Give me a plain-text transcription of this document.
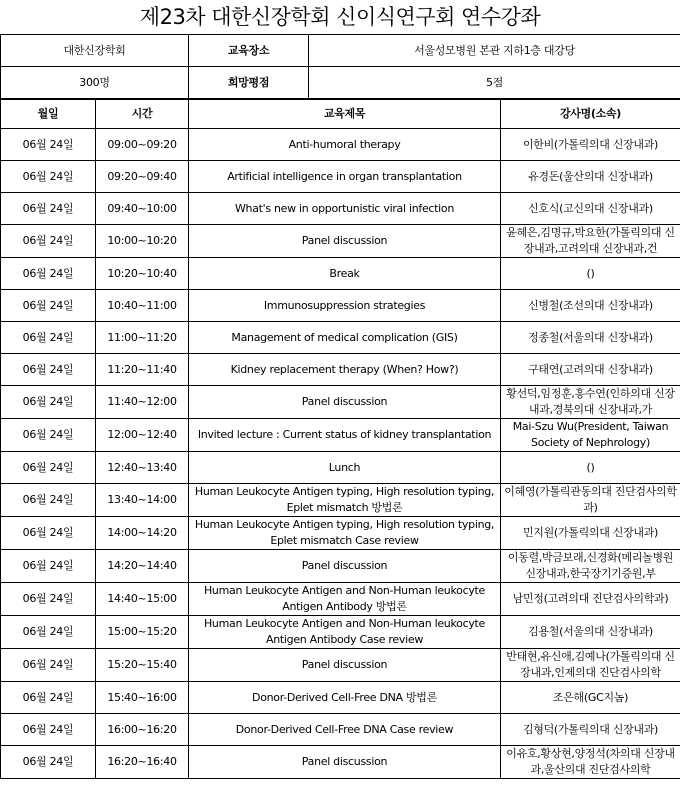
제23차 대한신장학회 신이식연구회 연수강좌
대한신장학회	교육장소	서울성모병원 본관 지하1층 대강당
300명	희망평점	5점
월일	시간	교육제목	강사명(소속)
06월 24일	09:00~09:20	Anti-humoral therapy	이한비(가톨릭의대 신장내과)
06월 24일	09:20~09:40	Artificial intelligence in organ transplantation	유경돈(울산의대 신장내과)
06월 24일	09:40~10:00	What's new in opportunistic viral infection	신호식(고신의대 신장내과)
06월 24일	10:00~10:20	Panel discussion	윤혜은,김명규,박요한(가톨릭의대 신장내과,고려의대 신장내과,건
06월 24일	10:20~10:40	Break	()
06월 24일	10:40~11:00	Immunosuppression strategies	신병철(조선의대 신장내과)
06월 24일	11:00~11:20	Management of medical complication (GIS)	정종철(서울의대 신장내과)
06월 24일	11:20~11:40	Kidney replacement therapy (When? How?)	구태연(고려의대 신장내과)
06월 24일	11:40~12:00	Panel discussion	황선덕,임정훈,홍수연(인하의대 신장내과,경북의대 신장내과,가
06월 24일	12:00~12:40	Invited lecture : Current status of kidney transplantation	Mai-Szu Wu(President, Taiwan Society of Nephrology)
06월 24일	12:40~13:40	Lunch	()
06월 24일	13:40~14:00	Human Leukocyte Antigen typing, High resolution typing, Eplet mismatch 방법론	이혜영(가톨릭관동의대 진단검사의학과)
06월 24일	14:00~14:20	Human Leukocyte Antigen typing, High resolution typing, Eplet mismatch Case review	민지원(가톨릭의대 신장내과)
06월 24일	14:20~14:40	Panel discussion	이동렬,박금보래,신경화(메리놀병원 신장내과,한국장기기증원,부
06월 24일	14:40~15:00	Human Leukocyte Antigen and Non-Human leukocyte Antigen Antibody 방법론	남민정(고려의대 진단검사의학과)
06월 24일	15:00~15:20	Human Leukocyte Antigen and Non-Human leukocyte Antigen Antibody Case review	김용철(서울의대 신장내과)
06월 24일	15:20~15:40	Panel discussion	반태현,유신애,김예나(가톨릭의대 신장내과,인제의대 진단검사의학
06월 24일	15:40~16:00	Donor-Derived Cell-Free DNA 방법론	조은해(GC지놈)
06월 24일	16:00~16:20	Donor-Derived Cell-Free DNA Case review	김형덕(가톨릭의대 신장내과)
06월 24일	16:20~16:40	Panel discussion	이유호,황상현,양정석(차의대 신장내과,울산의대 진단검사의학
